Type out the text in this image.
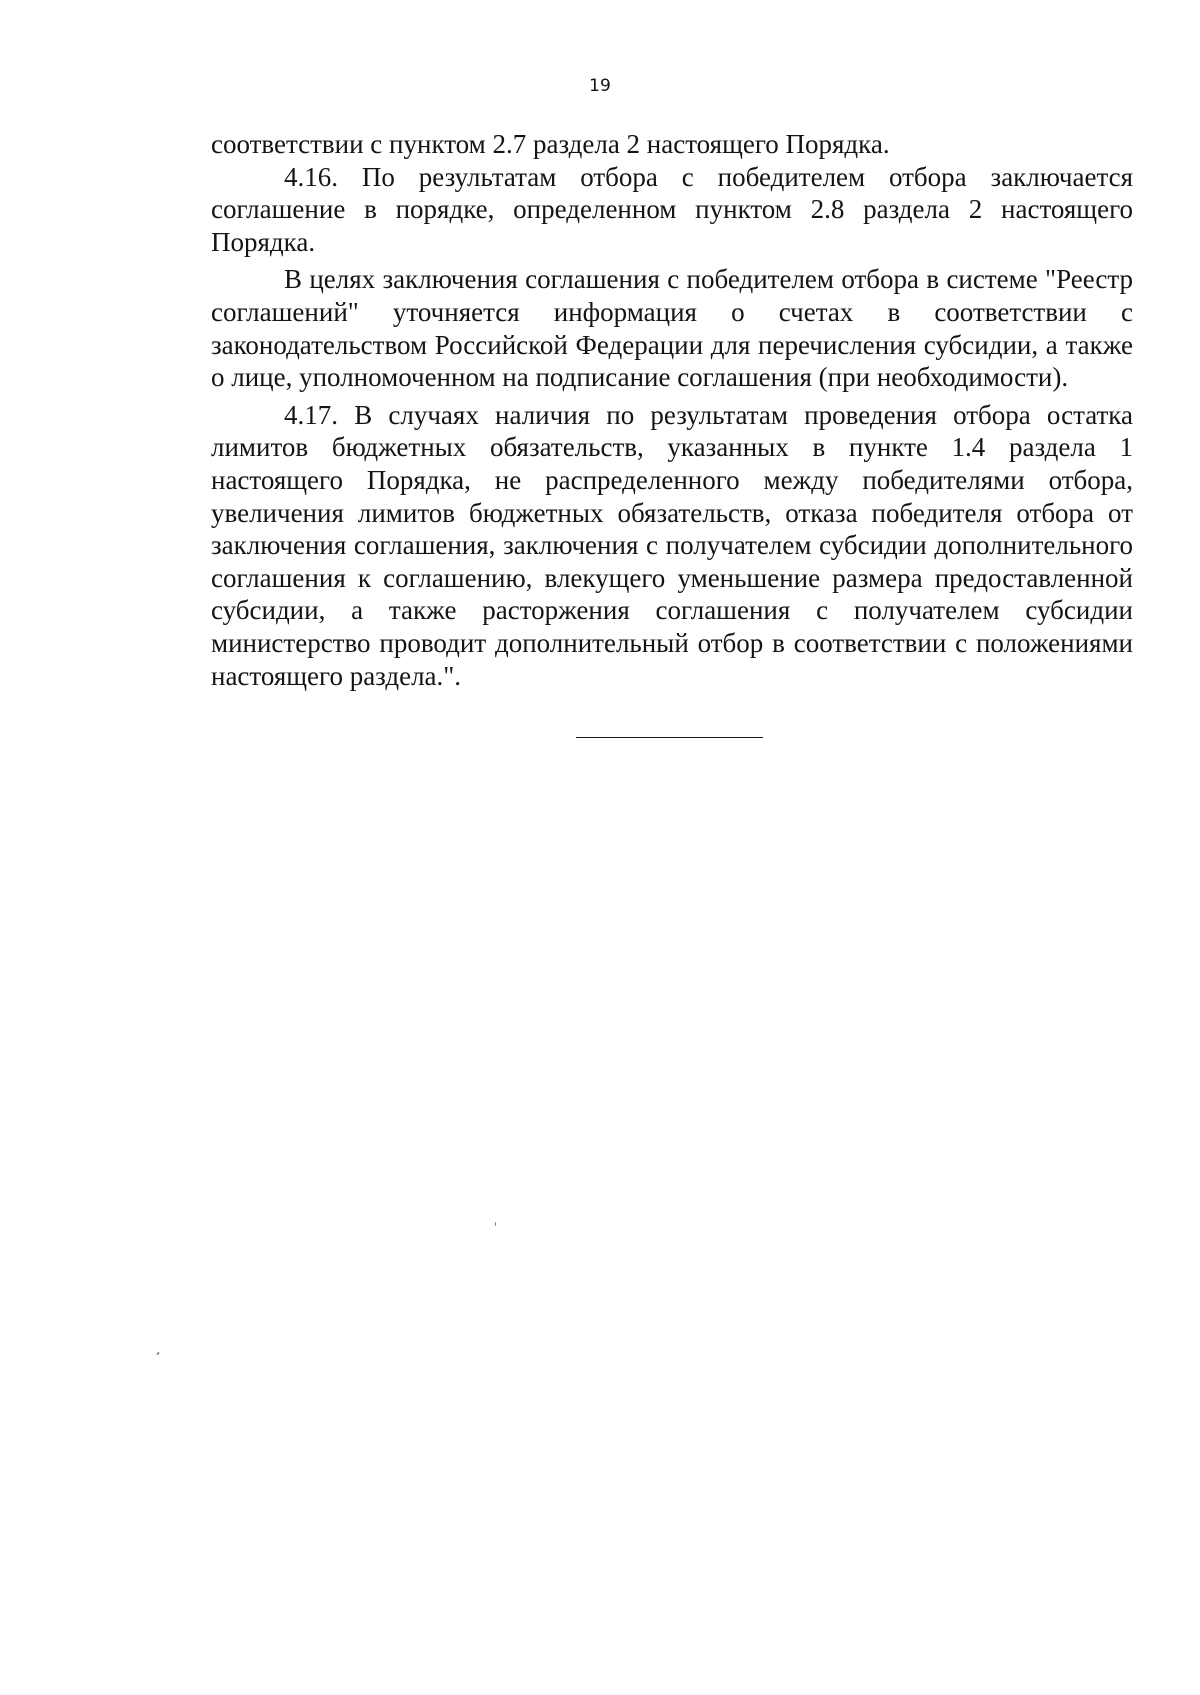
19

соответствии с пунктом 2.7 раздела 2 настоящего Порядка.

4.16. По результатам отбора с победителем отбора заключается соглашение в порядке, определенном пунктом 2.8 раздела 2 настоящего Порядка.

В целях заключения соглашения с победителем отбора в системе "Реестр соглашений" уточняется информация о счетах в соответствии с законодательством Российской Федерации для перечисления субсидии, а также о лице, уполномоченном на подписание соглашения (при необходимости).

4.17. В случаях наличия по результатам проведения отбора остатка лимитов бюджетных обязательств, указанных в пункте 1.4 раздела 1 настоящего Порядка, не распределенного между победителями отбора, увеличения лимитов бюджетных обязательств, отказа победителя отбора от заключения соглашения, заключения с получателем субсидии дополнительного соглашения к соглашению, влекущего уменьшение размера предоставленной субсидии, а также расторжения соглашения с получателем субсидии министерство проводит дополнительный отбор в соответствии с положениями настоящего раздела.".
